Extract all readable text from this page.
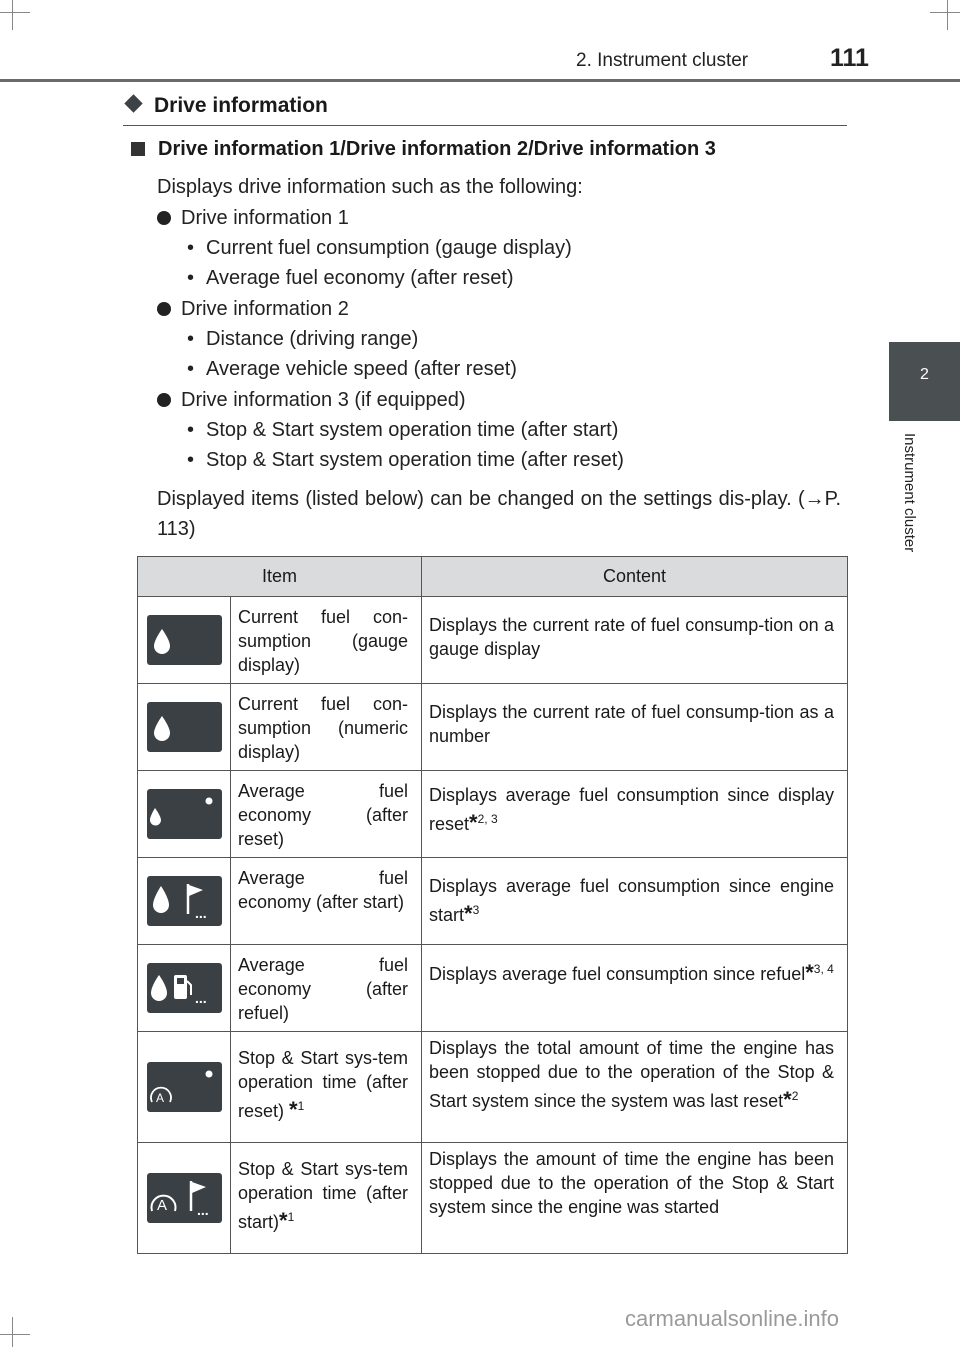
2. Instrument cluster	111
2
Instrument cluster
Drive information
Drive information 1/Drive information 2/Drive information 3
Displays drive information such as the following:
Drive information 1
• Current fuel consumption (gauge display)
• Average fuel economy (after reset)
Drive information 2
• Distance (driving range)
• Average vehicle speed (after reset)
Drive information 3 (if equipped)
• Stop & Start system operation time (after start)
• Stop & Start system operation time (after reset)
Displayed items (listed below) can be changed on the settings dis-play. (→P. 113)
Item		Content

Current fuel con-sumption (gauge display)	Displays the current rate of fuel consump-tion on a gauge display

Current fuel con-sumption (numeric display)	Displays the current rate of fuel consump-tion as a number

Average fuel economy (after reset)	Displays average fuel consumption since display reset*$^{2, 3}$

...	Average fuel economy (after start)	Displays average fuel consumption since engine start*$^3$

...	Average fuel economy (after refuel)	Displays average fuel consumption since refuel*$^{3, 4}$

A	Stop & Start sys-tem operation time (after reset) *$^1$	Displays the total amount of time the engine has been stopped due to the operation of the Stop & Start system since the system was last reset*$^2$

A ...	Stop & Start sys-tem operation time (after start)*$^1$	Displays the amount of time the engine has been stopped due to the operation of the Stop & Start system since the engine was started
carmanualsonline.info
